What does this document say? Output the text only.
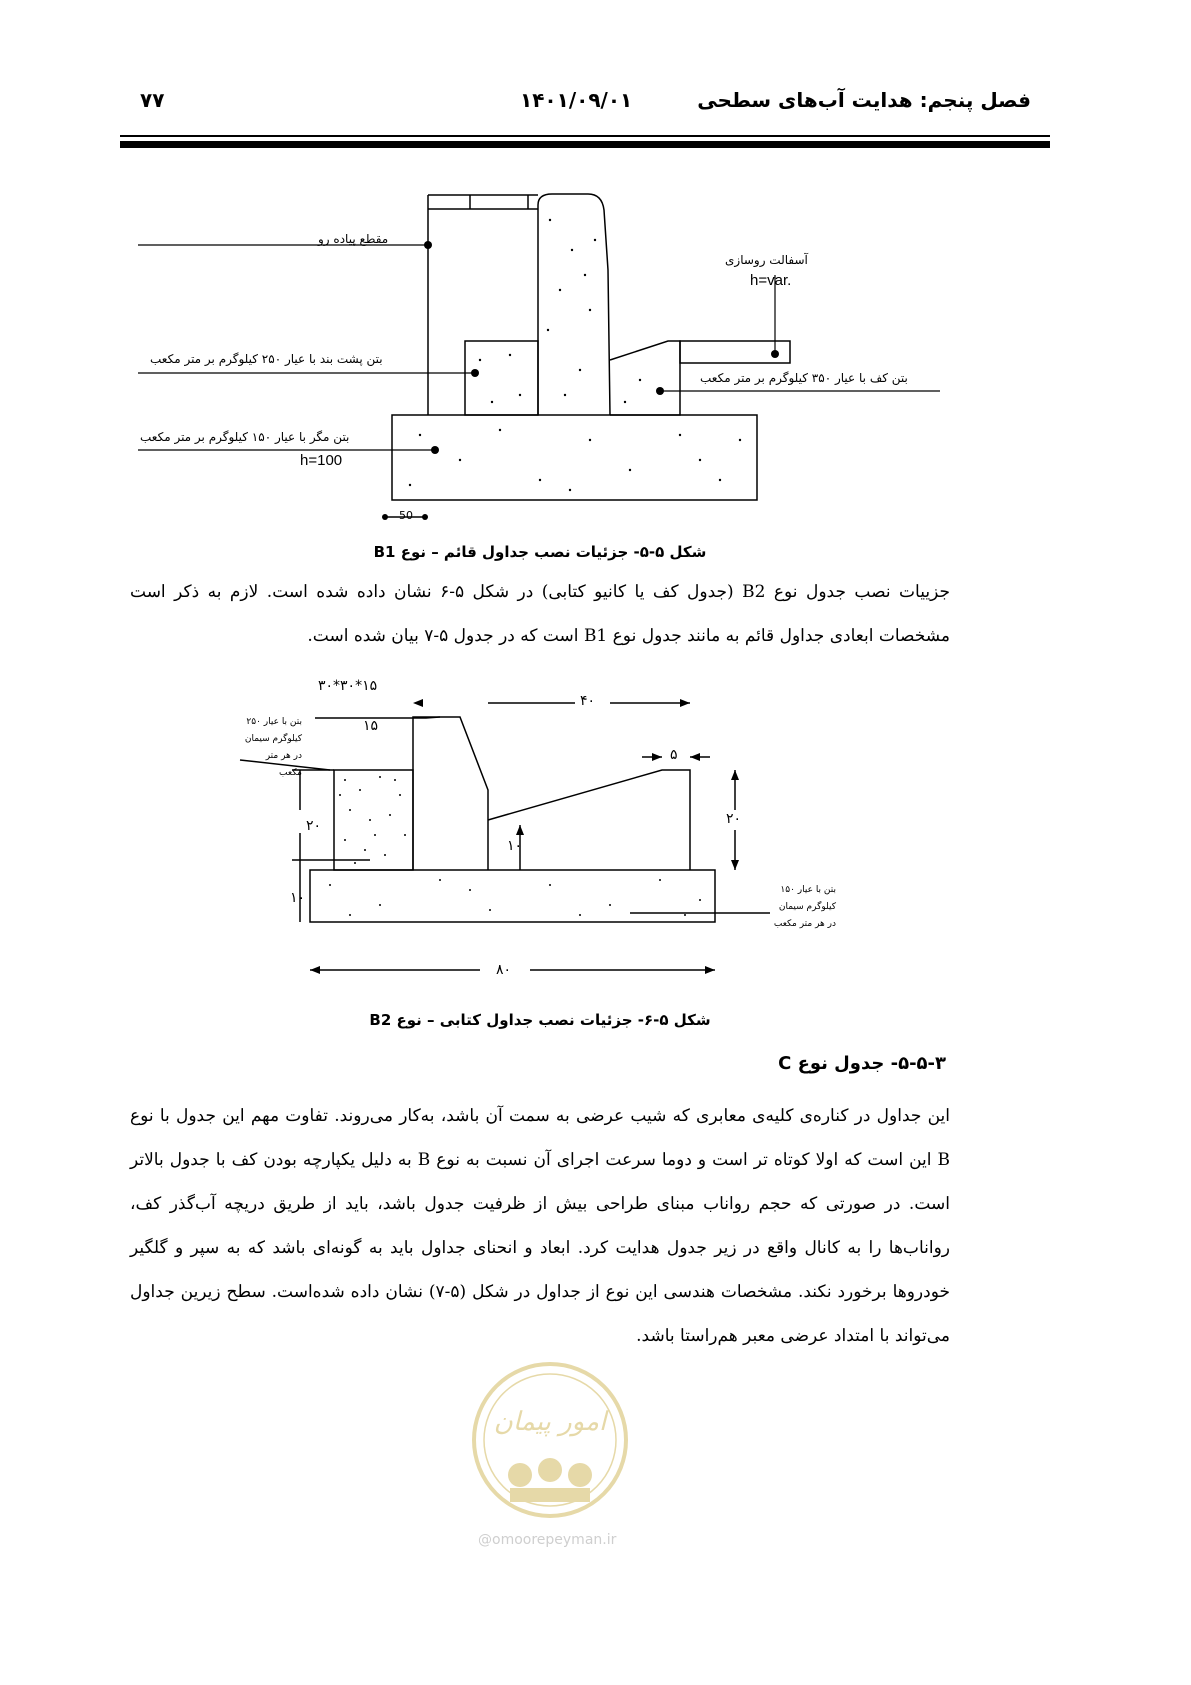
۷۷	۱۴۰۱/۰۹/۰۱	فصل پنجم: هدایت آب‌های سطحی
مقطع پیاده رو
آسفالت روسازی
h=var.
بتن پشت بند با عیار ۲۵۰ کیلوگرم بر متر مکعب
بتن کف با عیار ۳۵۰ کیلوگرم بر متر مکعب
بتن مگر با عیار ۱۵۰ کیلوگرم بر متر مکعب
h=100
50
شکل ۵-۵- جزئیات نصب جداول قائم – نوع B1
جزییات نصب جدول نوع B2 (جدول کف یا کانیو کتابی) در شکل ۵-۶ نشان داده شده است. لازم به ذکر است مشخصات ابعادی جداول قائم به مانند جدول نوع B1 است که در جدول ۵-۷ بیان شده است.
۳۰*۳۰*۱۵
۱۵
۴۰
۵
۲۰
۲۰
۱۰
۱۰
۸۰
بتن با عیار ۲۵۰
کیلوگرم سیمان
در هر متر مکعب
بتن با عیار ۱۵۰
کیلوگرم سیمان
در هر متر مکعب
شکل ۵-۶- جزئیات نصب جداول کتابی – نوع B2
۵-۵-۳- جدول نوع C
این جداول در کناره‌ی کلیه‌ی معابری که شیب عرضی به سمت آن باشد، به‌کار می‌روند. تفاوت مهم این جدول با نوع B این است که اولا کوتاه تر است و دوما سرعت اجرای آن نسبت به نوع B به دلیل یکپارچه بودن کف با جدول بالاتر است. در صورتی که حجم رواناب مبنای طراحی بیش از ظرفیت جدول باشد، باید از طریق دریچه آب‌گذر کف، رواناب‌ها را به کانال واقع در زیر جدول هدایت کرد. ابعاد و انحنای جداول باید به گونه‌ای باشد که به سپر و گلگیر خودروها برخورد نکند. مشخصات هندسی این نوع از جداول در شکل (۵-۷) نشان داده شده‌است. سطح زیرین جداول می‌تواند با امتداد عرضی معبر هم‌راستا باشد.
امور پیمان
@omoorepeyman.ir
